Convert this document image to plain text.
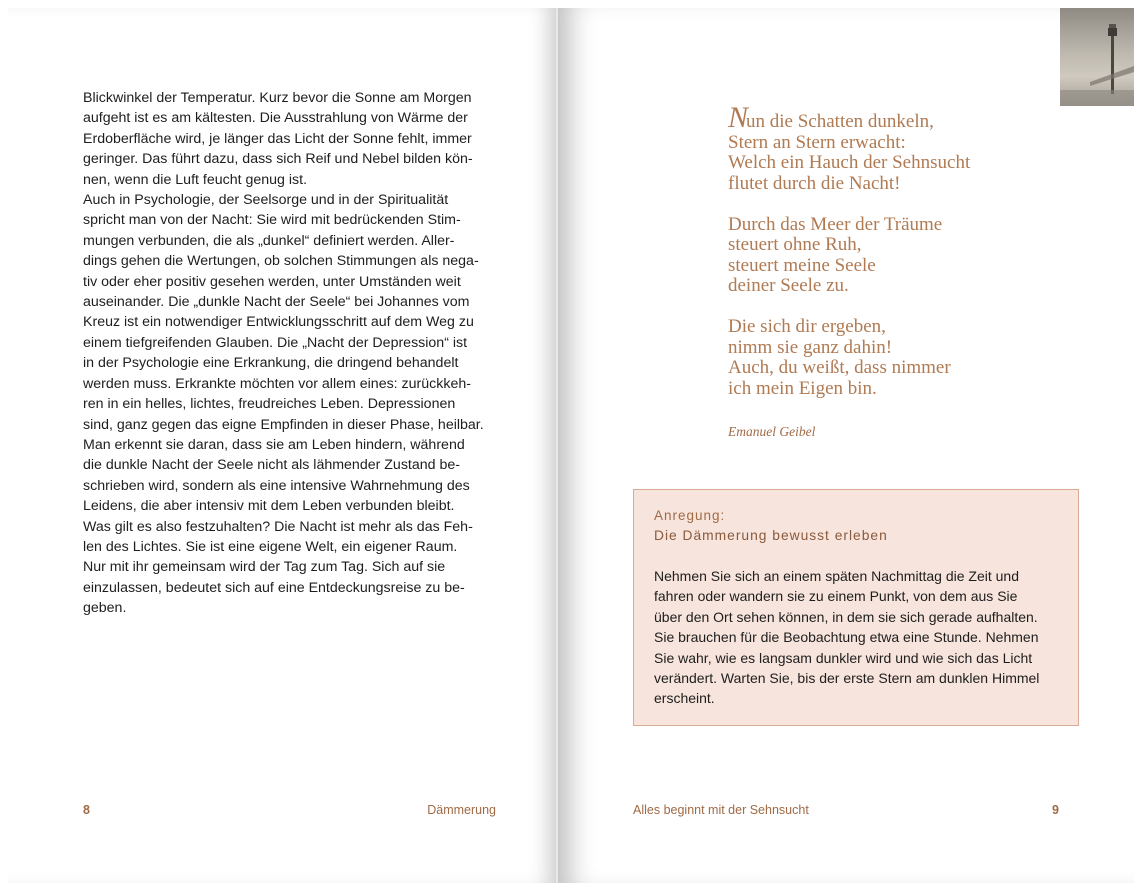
Blickwinkel der Temperatur. Kurz bevor die Sonne am Morgen
aufgeht ist es am kältesten. Die Ausstrahlung von Wärme der
Erdoberfläche wird, je länger das Licht der Sonne fehlt, immer
geringer. Das führt dazu, dass sich Reif und Nebel bilden kön-
nen, wenn die Luft feucht genug ist.
Auch in Psychologie, der Seelsorge und in der Spiritualität
spricht man von der Nacht: Sie wird mit bedrückenden Stim-
mungen verbunden, die als „dunkel“ definiert werden. Aller-
dings gehen die Wertungen, ob solchen Stimmungen als nega-
tiv oder eher positiv gesehen werden, unter Umständen weit
auseinander. Die „dunkle Nacht der Seele“ bei Johannes vom
Kreuz ist ein notwendiger Entwicklungsschritt auf dem Weg zu
einem tiefgreifenden Glauben. Die „Nacht der Depression“ ist
in der Psychologie eine Erkrankung, die dringend behandelt
werden muss. Erkrankte möchten vor allem eines: zurückkeh-
ren in ein helles, lichtes, freudreiches Leben. Depressionen
sind, ganz gegen das eigne Empfinden in dieser Phase, heilbar.
Man erkennt sie daran, dass sie am Leben hindern, während
die dunkle Nacht der Seele nicht als lähmender Zustand be-
schrieben wird, sondern als eine intensive Wahrnehmung des
Leidens, die aber intensiv mit dem Leben verbunden bleibt.
Was gilt es also festzuhalten? Die Nacht ist mehr als das Feh-
len des Lichtes. Sie ist eine eigene Welt, ein eigener Raum.
Nur mit ihr gemeinsam wird der Tag zum Tag. Sich auf sie
einzulassen, bedeutet sich auf eine Entdeckungsreise zu be-
geben.

8	Dämmerung
Nun die Schatten dunkeln,
Stern an Stern erwacht:
Welch ein Hauch der Sehnsucht
flutet durch die Nacht!
Durch das Meer der Träume
steuert ohne Ruh,
steuert meine Seele
deiner Seele zu.
Die sich dir ergeben,
nimm sie ganz dahin!
Auch, du weißt, dass nimmer
ich mein Eigen bin.
Emanuel Geibel
Anregung:
Die Dämmerung bewusst erleben
Nehmen Sie sich an einem späten Nachmittag die Zeit und
fahren oder wandern sie zu einem Punkt, von dem aus Sie
über den Ort sehen können, in dem sie sich gerade aufhalten.
Sie brauchen für die Beobachtung etwa eine Stunde. Nehmen
Sie wahr, wie es langsam dunkler wird und wie sich das Licht
verändert. Warten Sie, bis der erste Stern am dunklen Himmel
erscheint.
Alles beginnt mit der Sehnsucht	9
